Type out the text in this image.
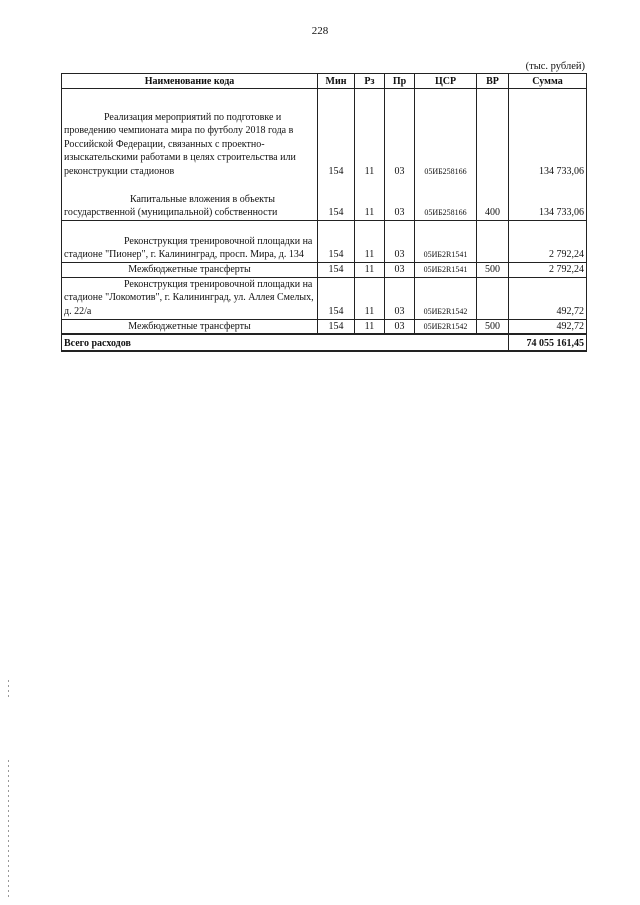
228
(тыс. рублей)
Наименование кода	Мин	Рз	Пр	ЦСР	ВР	Сумма
Реализация мероприятий по подготовке и проведению чемпионата мира по футболу 2018 года в Российской Федерации, связанных с проектно-изыскательскими работами в целях строительства или реконструкции стадионов	154	11	03	05ИБ258166		134 733,06
Капитальные вложения в объекты государственной (муниципальной) собственности	154	11	03	05ИБ258166	400	134 733,06
Реконструкция тренировочной площадки на стадионе "Пионер", г. Калининград, просп. Мира, д. 134	154	11	03	05ИБ2R1541		2 792,24
Межбюджетные трансферты	154	11	03	05ИБ2R1541	500	2 792,24
Реконструкция тренировочной площадки на стадионе "Локомотив", г. Калининград, ул. Аллея Смелых, д. 22/а	154	11	03	05ИБ2R1542		492,72
Межбюджетные трансферты	154	11	03	05ИБ2R1542	500	492,72
Всего расходов						74 055 161,45
